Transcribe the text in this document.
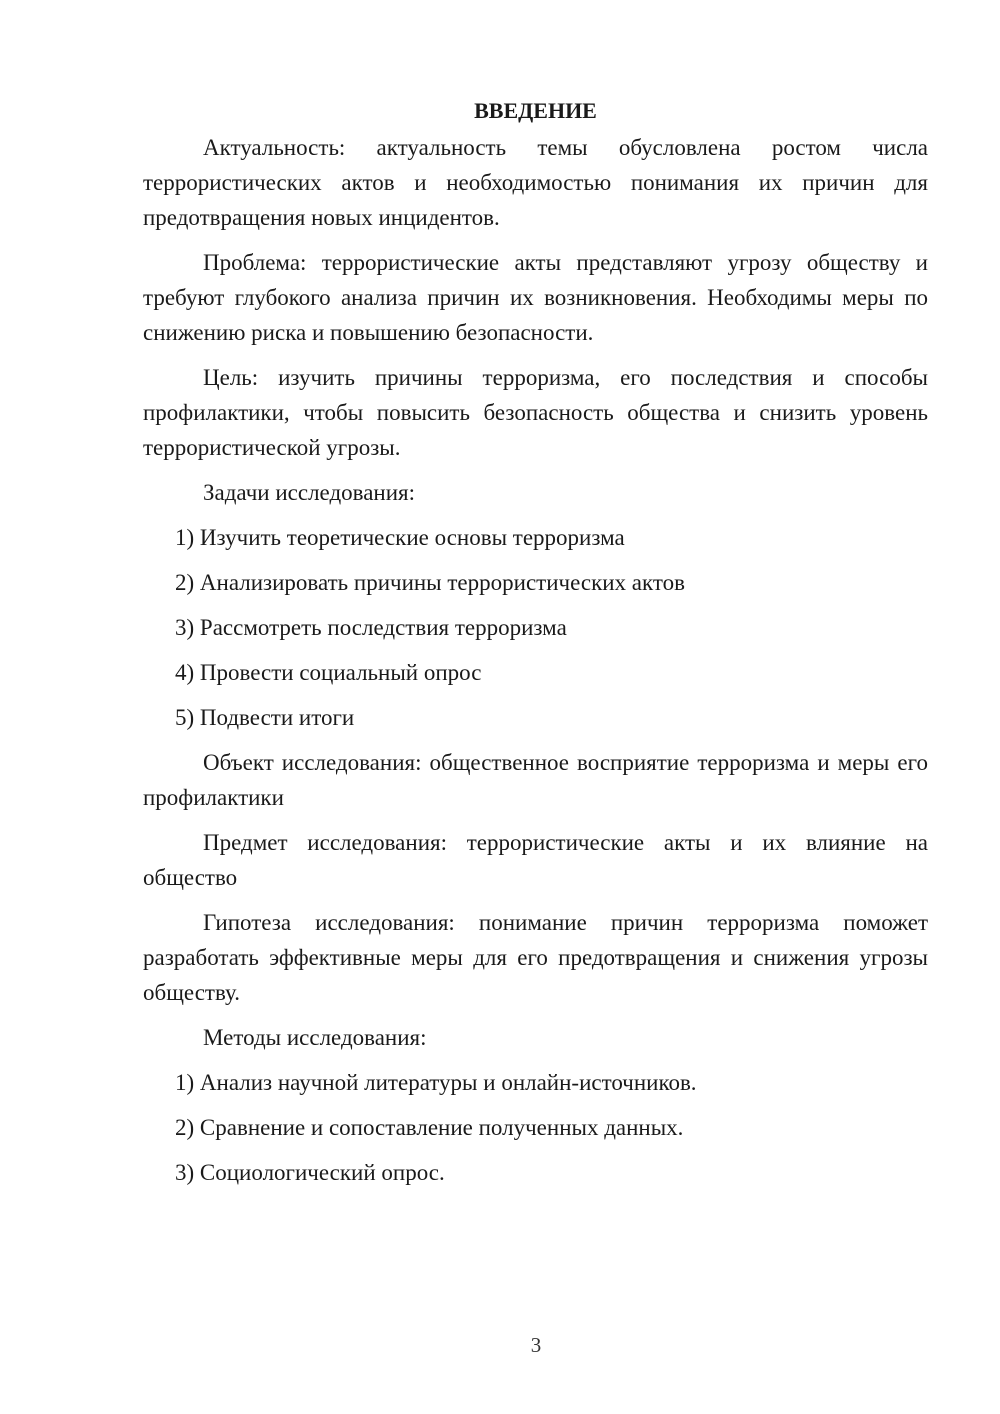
ВВЕДЕНИЕ

Актуальность: актуальность темы обусловлена ростом числа террористических актов и необходимостью понимания их причин для предотвращения новых инцидентов.

Проблема: террористические акты представляют угрозу обществу и требуют глубокого анализа причин их возникновения. Необходимы меры по снижению риска и повышению безопасности.

Цель: изучить причины терроризма, его последствия и способы профилактики, чтобы повысить безопасность общества и снизить уровень террористической угрозы.

Задачи исследования:

1) Изучить теоретические основы терроризма
2) Анализировать причины террористических актов
3) Рассмотреть последствия терроризма
4) Провести социальный опрос
5) Подвести итоги

Объект исследования: общественное восприятие терроризма и меры его профилактики

Предмет исследования: террористические акты и их влияние на общество

Гипотеза исследования: понимание причин терроризма поможет разработать эффективные меры для его предотвращения и снижения угрозы обществу.

Методы исследования:

1) Анализ научной литературы и онлайн-источников.
2) Сравнение и сопоставление полученных данных.
3) Социологический опрос.
3
